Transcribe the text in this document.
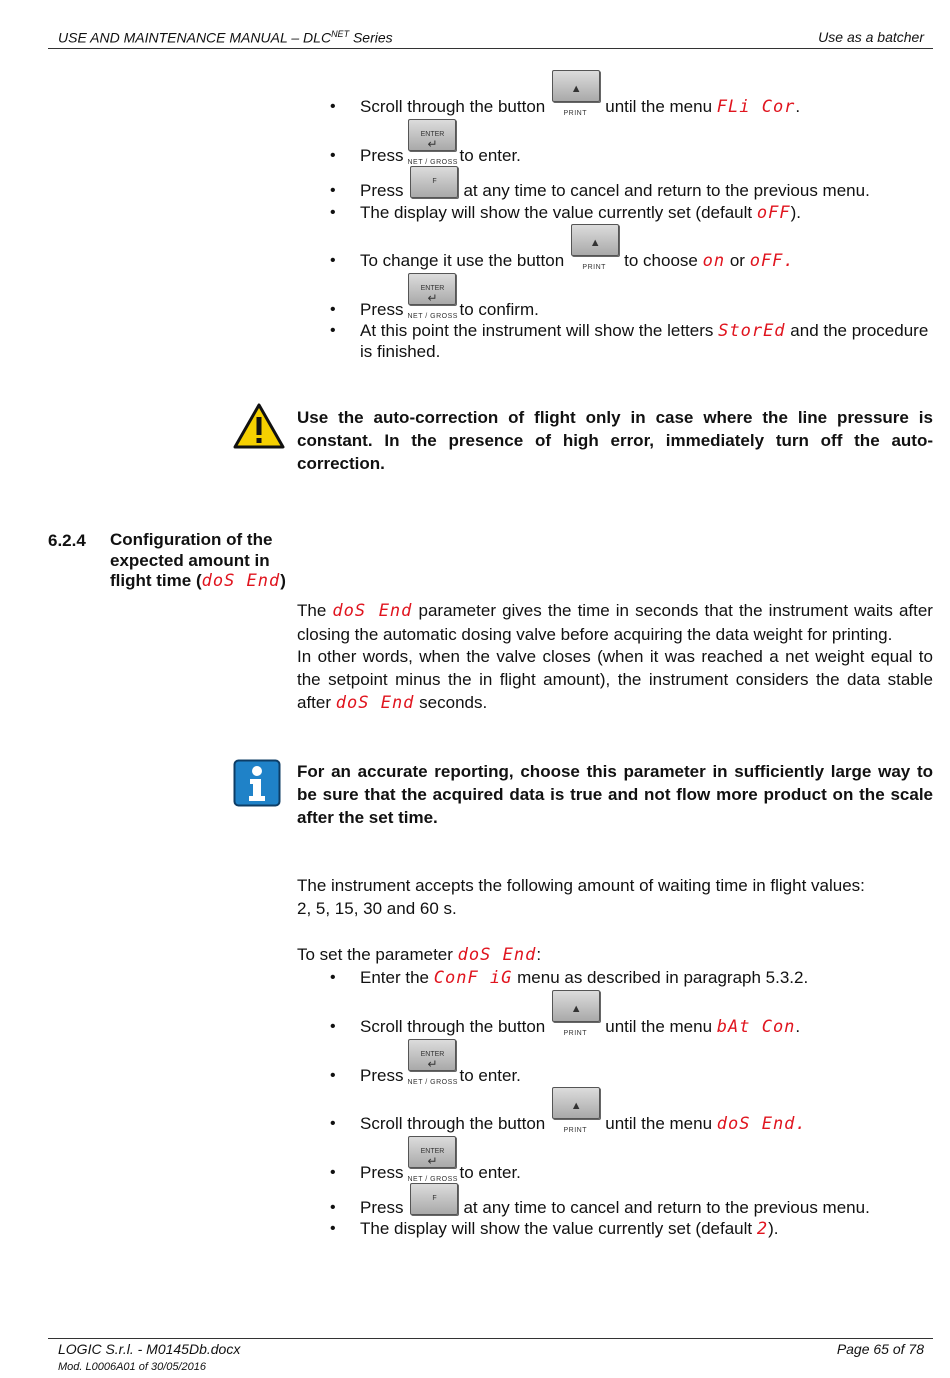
USE AND MAINTENANCE MANUAL – $DLC^{NET}$ Series	Use as a batcher
• Scroll through the button
▲
PRINT	until the menu
FLi Cor .
• Press
ENTER
↵
NET / GROSS to enter.
• Press	F	at any time to cancel and return to the previous menu.
• The display will show the value currently set (default oFF).
• To change it use the button
▲
PRINT	to choose
on
or
oFF .
• Press
ENTER
↵
NET / GROSS to confirm.
• At this point the instrument will show the letters StorEd and the procedure
is finished.
Use the auto-correction of flight only in case where the line pressure is constant. In the presence of high error, immediately turn off the auto-correction.
6.2.4 Configuration of the
expected amount in
flight time (doS End)
The doS End parameter gives the time in seconds that the instrument waits after closing the automatic dosing valve before acquiring the data weight for printing.
In other words, when the valve closes (when it was reached a net weight equal to the setpoint minus the in flight amount), the instrument considers the data stable after doS End seconds.
For an accurate reporting, choose this parameter in sufficiently large way to be sure that the acquired data is true and not flow more product on the scale after the set time.
The instrument accepts the following amount of waiting time in flight values:
2, 5, 15, 30 and 60 s.
To set the parameter doS End:
• Enter the ConF iG menu as described in paragraph 5.3.2.
• Scroll through the button
▲
PRINT	until the menu
bAt Con .
• Press
ENTER
↵
NET / GROSS to enter.
• Scroll through the button
▲
PRINT	until the menu
doS End .
• Press
ENTER
↵
NET / GROSS to enter.
• Press	F	at any time to cancel and return to the previous menu.
• The display will show the value currently set (default 2).
LOGIC S.r.l. - M0145Db.docx	Page 65 of 78
Mod. L0006A01 of 30/05/2016
